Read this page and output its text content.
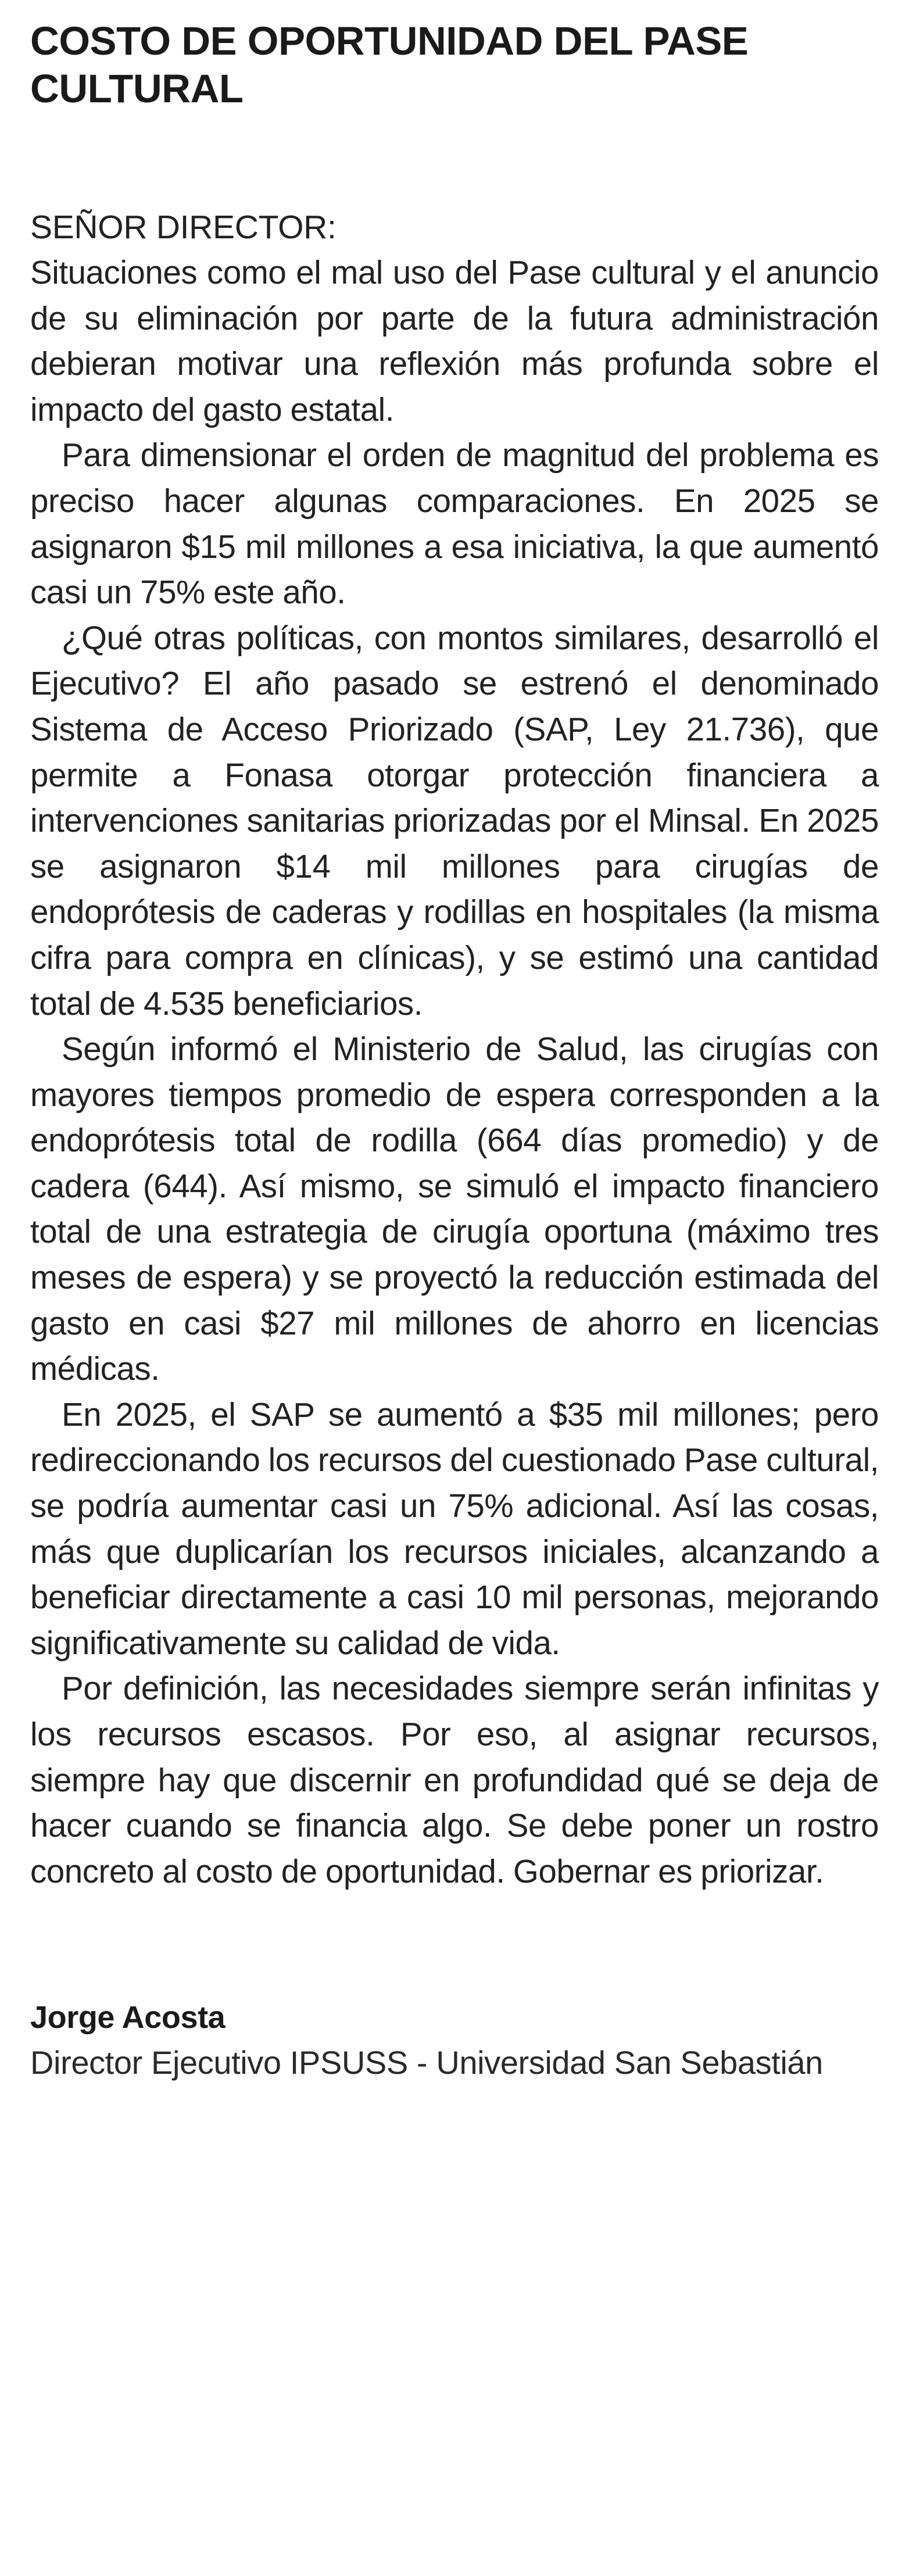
COSTO DE OPORTUNIDAD DEL PASE CULTURAL

SEÑOR DIRECTOR:

Situaciones como el mal uso del Pase cultural y el anuncio de su eliminación por parte de la futura administración debieran motivar una reflexión más profunda sobre el impacto del gasto estatal.

Para dimensionar el orden de magnitud del problema es preciso hacer algunas comparaciones. En 2025 se asignaron $15 mil millones a esa iniciativa, la que aumentó casi un 75% este año.

¿Qué otras políticas, con montos similares, desarrolló el Ejecutivo? El año pasado se estrenó el denominado Sistema de Acceso Priorizado (SAP, Ley 21.736), que permite a Fonasa otorgar protección financiera a intervenciones sanitarias priorizadas por el Minsal. En 2025 se asignaron $14 mil millones para cirugías de endoprótesis de caderas y rodillas en hospitales (la misma cifra para compra en clínicas), y se estimó una cantidad total de 4.535 beneficiarios.

Según informó el Ministerio de Salud, las cirugías con mayores tiempos promedio de espera corresponden a la endoprótesis total de rodilla (664 días promedio) y de cadera (644). Así mismo, se simuló el impacto financiero total de una estrategia de cirugía oportuna (máximo tres meses de espera) y se proyectó la reducción estimada del gasto en casi $27 mil millones de ahorro en licencias médicas.

En 2025, el SAP se aumentó a $35 mil millones; pero redireccionando los recursos del cuestionado Pase cultural, se podría aumentar casi un 75% adicional. Así las cosas, más que duplicarían los recursos iniciales, alcanzando a beneficiar directamente a casi 10 mil personas, mejorando significativamente su calidad de vida.

Por definición, las necesidades siempre serán infinitas y los recursos escasos. Por eso, al asignar recursos, siempre hay que discernir en profundidad qué se deja de hacer cuando se financia algo. Se debe poner un rostro concreto al costo de oportunidad. Gobernar es priorizar.

Jorge Acosta

Director Ejecutivo IPSUSS - Universidad San Sebastián
